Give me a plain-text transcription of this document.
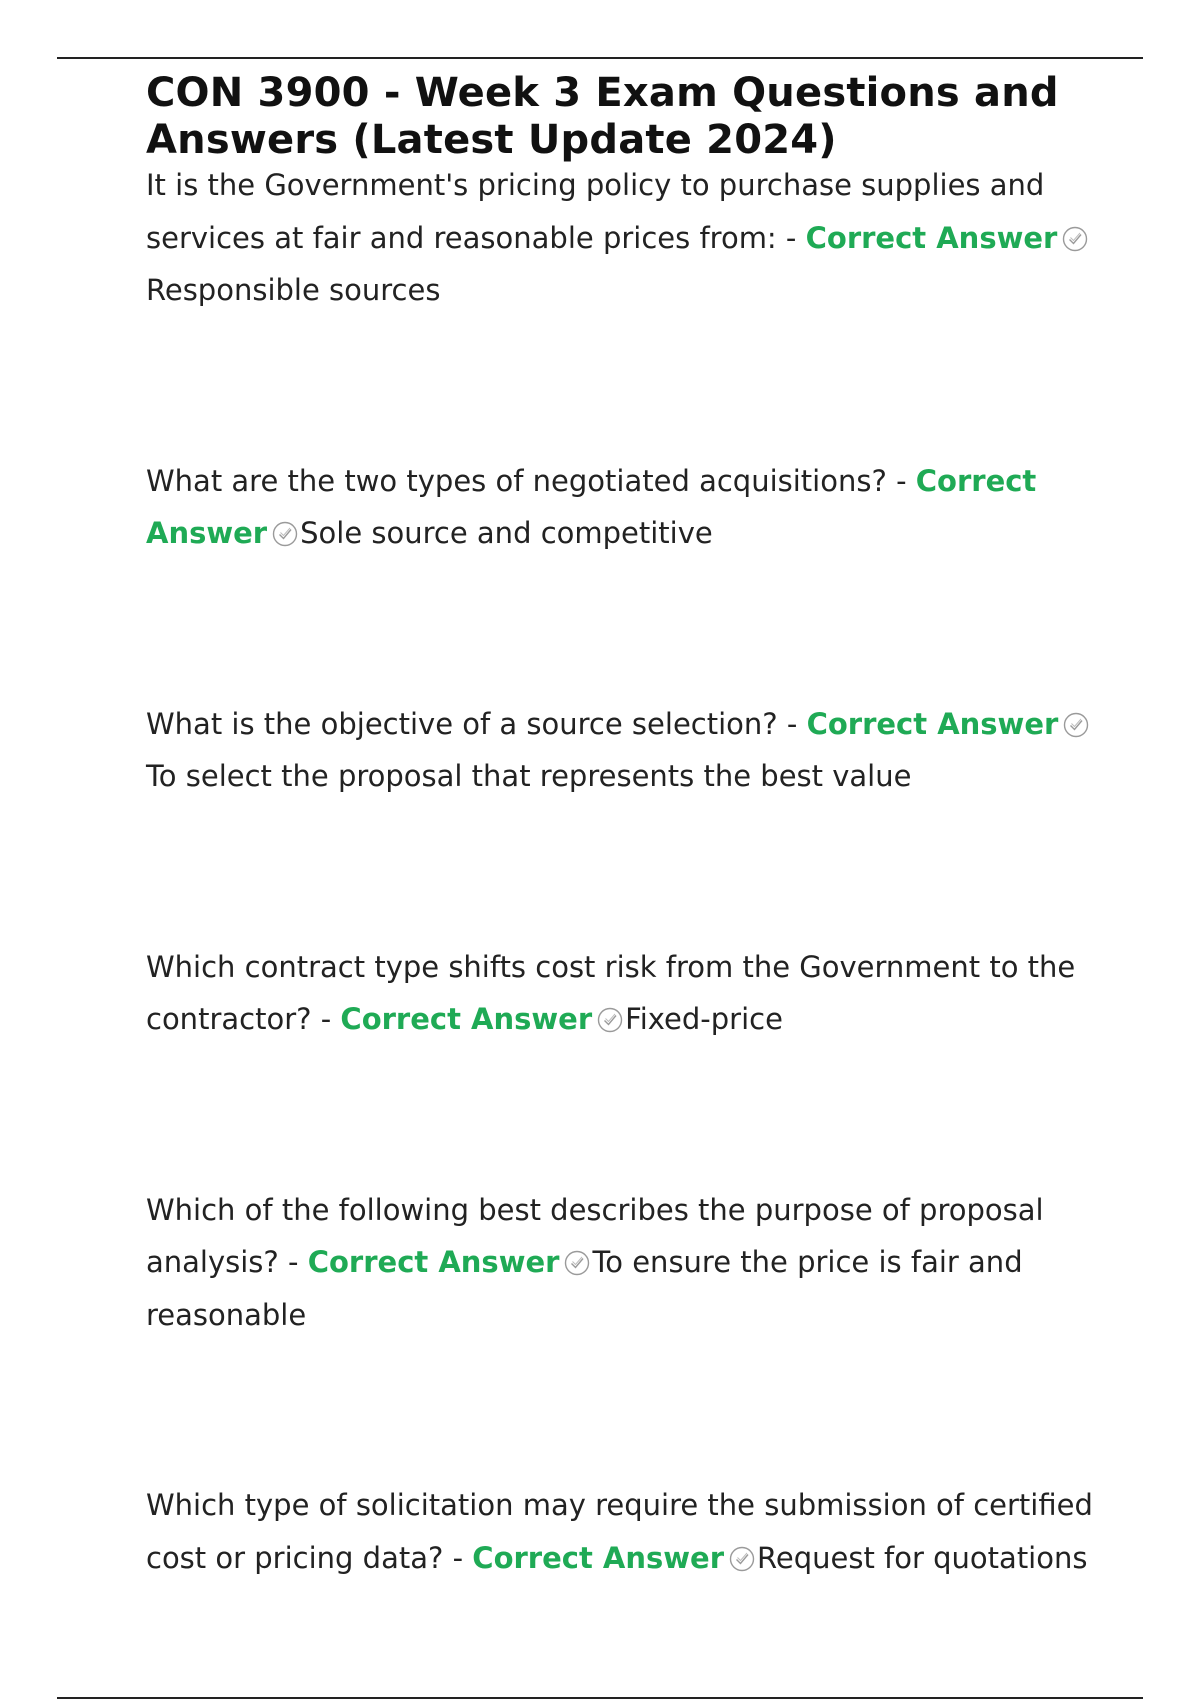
CON 3900 - Week 3 Exam Questions and Answers (Latest Update 2024)
It is the Government's pricing policy to purchase supplies and services at fair and reasonable prices from: - Correct Answer
Responsible sources
What are the two types of negotiated acquisitions? - Correct Answer Sole source and competitive
What is the objective of a source selection? - Correct Answer
To select the proposal that represents the best value
Which contract type shifts cost risk from the Government to the contractor? - Correct Answer Fixed-price
Which of the following best describes the purpose of proposal analysis? - Correct Answer To ensure the price is fair and reasonable
Which type of solicitation may require the submission of certified cost or pricing data? - Correct Answer Request for quotations
